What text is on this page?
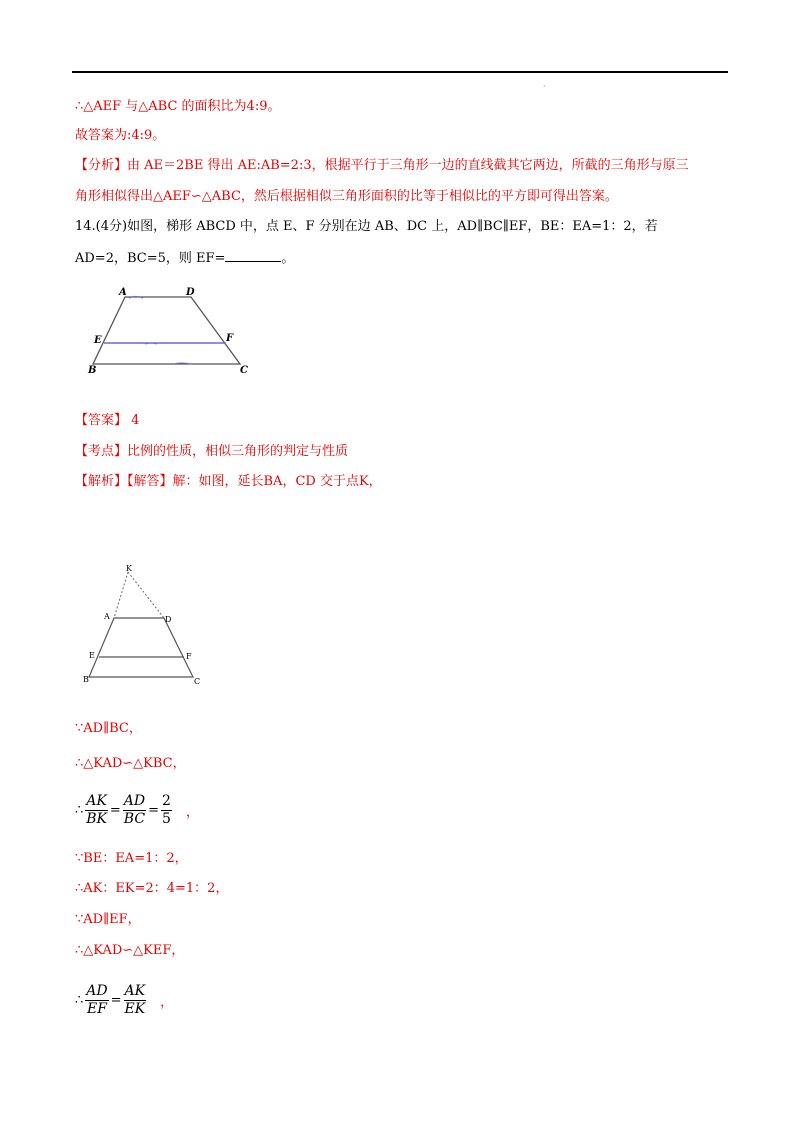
·
∴△AEF 与△ABC 的面积比为4:9。
故答案为:4:9。
【分析】由 AE＝2BE 得出 AE:AB=2:3，根据平行于三角形一边的直线截其它两边，所截的三角形与原三
角形相似得出△AEF∽△ABC，然后根据相似三角形面积的比等于相似比的平方即可得出答案。
14.(4分)如图，梯形 ABCD 中，点 E、F 分别在边 AB、DC 上，AD∥BC∥EF，BE：EA=1：2，若
AD=2，BC=5，则 EF=	。
A	D
E	F
B	C
【答案】 4
【考点】比例的性质，相似三角形的判定与性质
【解析】【解答】解：如图，延长BA，CD 交于点K，
K
A	D
E	F
B	C
∵AD∥BC，
∴△KAD∽△KBC，
∴ $\frac{AK}{BK} = \frac{AD}{BC} = \frac{2}{5}$ ，
∵BE：EA=1：2，
∴AK：EK=2：4=1：2，
∵AD∥EF，
∴△KAD∽△KEF，
∴ $\frac{AD}{EF} = \frac{AK}{EK}$ ，
